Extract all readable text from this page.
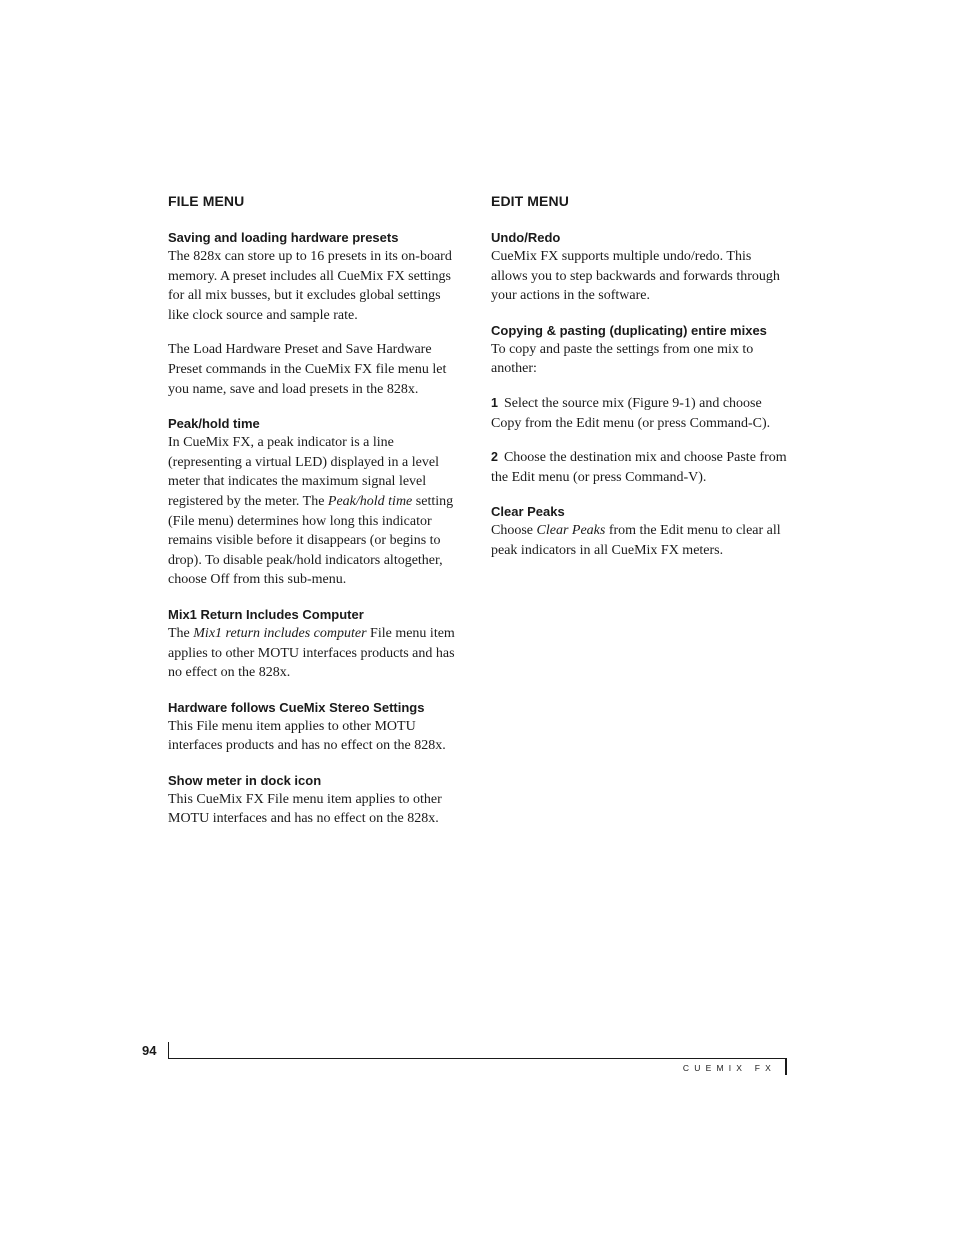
FILE MENU
Saving and loading hardware presets

The 828x can store up to 16 presets in its on-board memory. A preset includes all CueMix FX settings for all mix busses, but it excludes global settings like clock source and sample rate.

The Load Hardware Preset and Save Hardware Preset commands in the CueMix FX file menu let you name, save and load presets in the 828x.

Peak/hold time

In CueMix FX, a peak indicator is a line (representing a virtual LED) displayed in a level meter that indicates the maximum signal level registered by the meter. The Peak/hold time setting (File menu) determines how long this indicator remains visible before it disappears (or begins to drop). To disable peak/hold indicators altogether, choose Off from this sub-menu.

Mix1 Return Includes Computer

The Mix1 return includes computer File menu item applies to other MOTU interfaces products and has no effect on the 828x.

Hardware follows CueMix Stereo Settings

This File menu item applies to other MOTU interfaces products and has no effect on the 828x.

Show meter in dock icon

This CueMix FX File menu item applies to other MOTU interfaces and has no effect on the 828x.

EDIT MENU
Undo/Redo

CueMix FX supports multiple undo/redo. This allows you to step backwards and forwards through your actions in the software.

Copying & pasting (duplicating) entire mixes

To copy and paste the settings from one mix to another:

1 Select the source mix (Figure 9-1) and choose Copy from the Edit menu (or press Command-C).

2 Choose the destination mix and choose Paste from the Edit menu (or press Command-V).

Clear Peaks

Choose Clear Peaks from the Edit menu to clear all peak indicators in all CueMix FX meters.

94
CUEMIX FX
